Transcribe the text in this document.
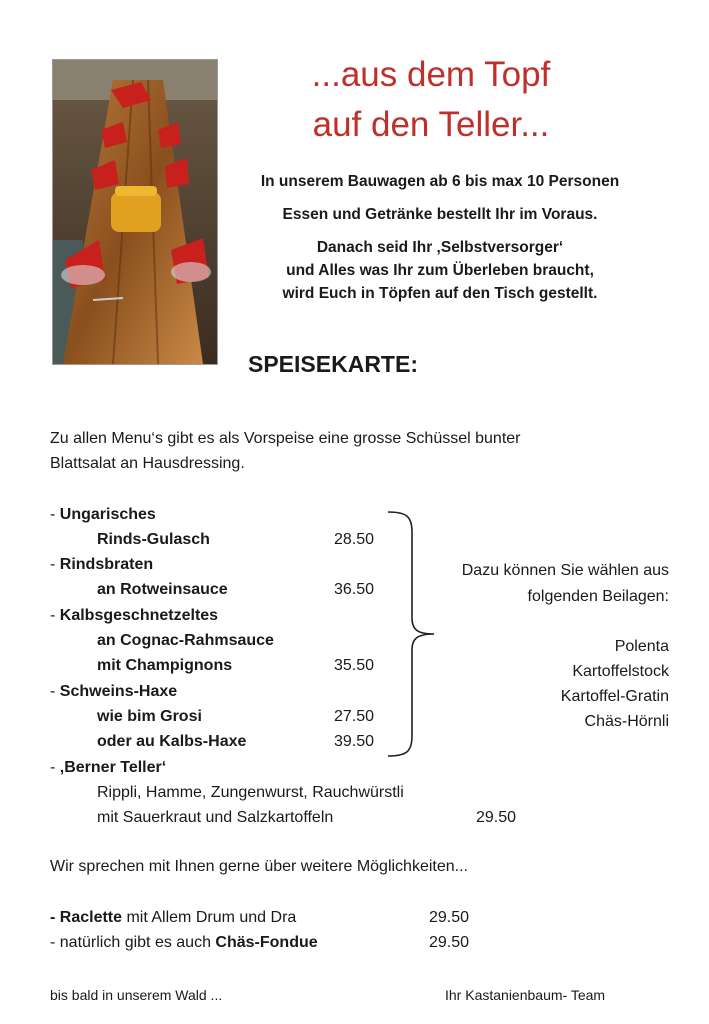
...aus dem Topf
auf den Teller...
In unserem Bauwagen ab 6 bis max 10 Personen
Essen und Getränke bestellt Ihr im Voraus.
Danach seid Ihr ‚Selbstversorger‘
und Alles was Ihr zum Überleben braucht,
wird Euch in Töpfen auf den Tisch gestellt.
SPEISEKARTE:
Zu allen Menu‘s gibt es als Vorspeise eine grosse Schüssel bunter
Blattsalat an Hausdressing.
- Ungarisches
Rinds-Gulasch	28.50
- Rindsbraten
an Rotweinsauce	36.50
- Kalbsgeschnetzeltes
an Cognac-Rahmsauce
mit Champignons	35.50
- Schweins-Haxe
wie bim Grosi	27.50
oder au Kalbs-Haxe	39.50
- ‚Berner Teller‘
Rippli, Hamme, Zungenwurst, Rauchwürstli
mit Sauerkraut und Salzkartoffeln	29.50
Dazu können Sie wählen aus
folgenden Beilagen:
Polenta
Kartoffelstock
Kartoffel-Gratin
Chäs-Hörnli
Wir sprechen mit Ihnen gerne über weitere Möglichkeiten...
- Raclette mit Allem Drum und Dra	29.50
- natürlich gibt es auch Chäs-Fondue	29.50
bis bald in unserem Wald ...	Ihr Kastanienbaum- Team
